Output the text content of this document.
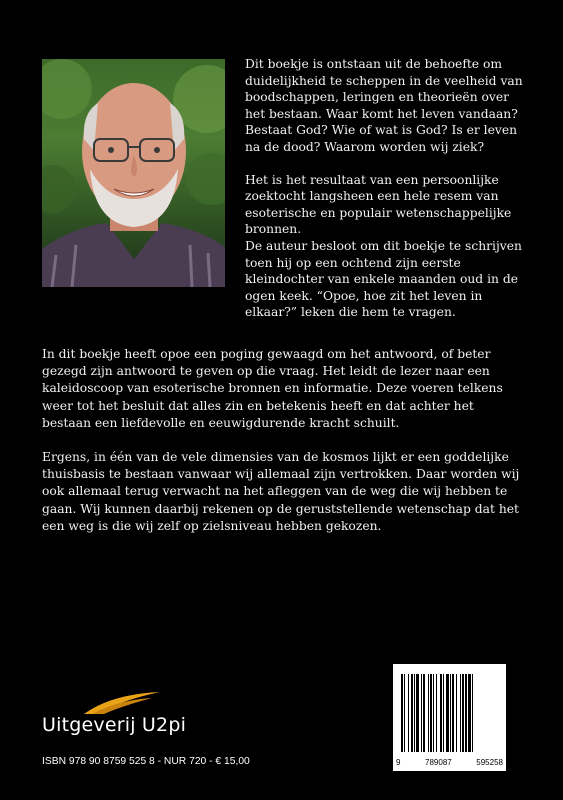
Dit boekje is ontstaan uit de behoefte om duidelijkheid te scheppen in de veelheid van boodschappen, leringen en theorieën over het bestaan. Waar komt het leven vandaan? Bestaat God? Wie of wat is God? Is er leven na de dood? Waarom worden wij ziek?

Het is het resultaat van een persoonlijke zoektocht langsheen een hele resem van esoterische en populair wetenschappelijke bronnen.

De auteur besloot om dit boekje te schrijven toen hij op een ochtend zijn eerste kleindochter van enkele maanden oud in de ogen keek. “Opoe, hoe zit het leven in elkaar?” leken die hem te vragen.

In dit boekje heeft opoe een poging gewaagd om het antwoord, of beter gezegd zijn antwoord te geven op die vraag. Het leidt de lezer naar een kaleidoscoop van esoterische bronnen en informatie. Deze voeren telkens weer tot het besluit dat alles zin en betekenis heeft en dat achter het bestaan een liefdevolle en eeuwigdurende kracht schuilt.

Ergens, in één van de vele dimensies van de kosmos lijkt er een goddelijke thuisbasis te bestaan vanwaar wij allemaal zijn vertrokken. Daar worden wij ook allemaal terug verwacht na het afleggen van de weg die wij hebben te gaan. Wij kunnen daarbij rekenen op de geruststellende wetenschap dat het een weg is die wij zelf op zielsniveau hebben gekozen.

Uitgeverij U2pi
ISBN 978 90 8759 525 8 - NUR 720 - € 15,00	9	789087	595258
